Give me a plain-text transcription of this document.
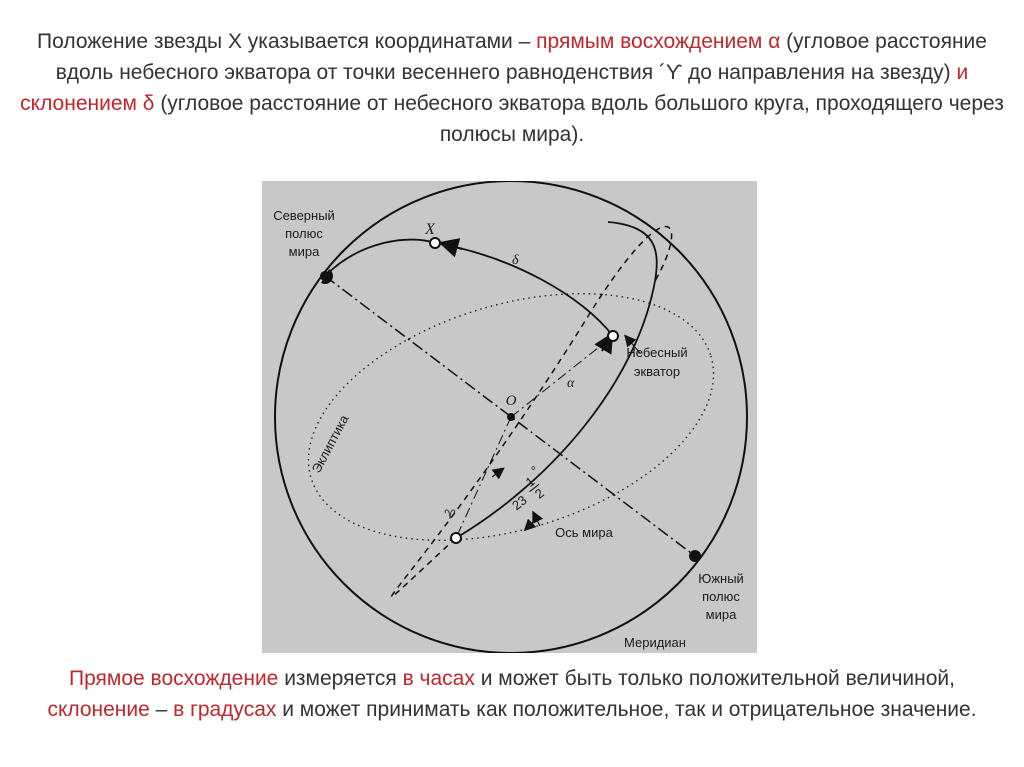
Положение звезды X указывается координатами – прямым восхождением α (угловое расстояние вдоль небесного экватора от точки весеннего равноденствия ´ϒ до направления на звезду) и склонением δ (угловое расстояние от небесного экватора вдоль большого круга, проходящего через полюсы мира).
Северный
полюс
мира
X
δ
α
O
Небесный
экватор
Эклиптика
23
1
2
°
♈
Ось мира
Южный
полюс
мира
Меридиан
Прямое восхождение измеряется в часах и может быть только положительной величиной, склонение – в градусах и может принимать как положительное, так и отрицательное значение.
